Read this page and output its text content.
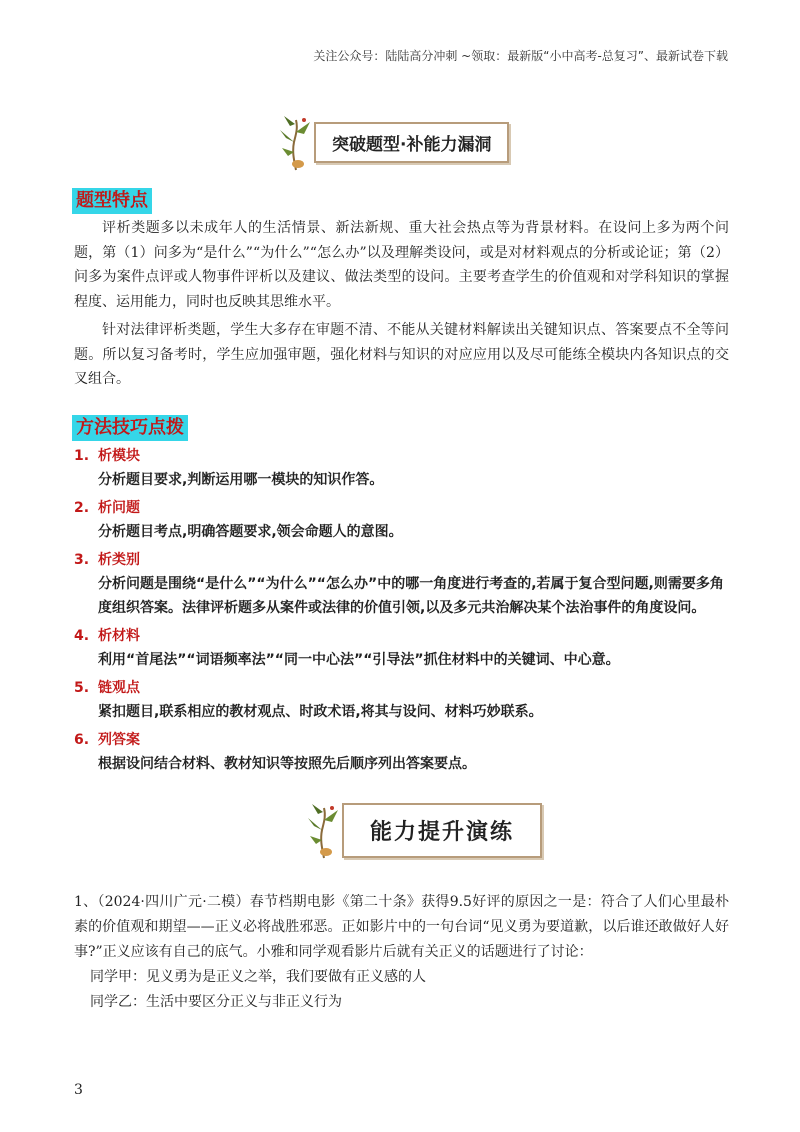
关注公众号：陆陆高分冲刺 ~领取：最新版“小中高考-总复习”、最新试卷下载
突破题型·补能力漏洞
题型特点
评析类题多以未成年人的生活情景、新法新规、重大社会热点等为背景材料。在设问上多为两个问题，第（1）问多为“是什么”“为什么”“怎么办”以及理解类设问，或是对材料观点的分析或论证；第（2）问多为案件点评或人物事件评析以及建议、做法类型的设问。主要考查学生的价值观和对学科知识的掌握程度、运用能力，同时也反映其思维水平。
针对法律评析类题，学生大多存在审题不清、不能从关键材料解读出关键知识点、答案要点不全等问题。所以复习备考时，学生应加强审题，强化材料与知识的对应应用以及尽可能练全模块内各知识点的交叉组合。
方法技巧点拨
1. 析模块
分析题目要求,判断运用哪一模块的知识作答。
2. 析问题
分析题目考点,明确答题要求,领会命题人的意图。
3. 析类别
分析问题是围绕“是什么”“为什么”“怎么办”中的哪一角度进行考查的,若属于复合型问题,则需要多角度组织答案。法律评析题多从案件或法律的价值引领,以及多元共治解决某个法治事件的角度设问。
4. 析材料
利用“首尾法”“词语频率法”“同一中心法”“引导法”抓住材料中的关键词、中心意。
5. 链观点
紧扣题目,联系相应的教材观点、时政术语,将其与设问、材料巧妙联系。
6. 列答案
根据设问结合材料、教材知识等按照先后顺序列出答案要点。
能力提升演练
1、（2024·四川广元·二模）春节档期电影《第二十条》获得9.5好评的原因之一是：符合了人们心里最朴素的价值观和期望——正义必将战胜邪恶。正如影片中的一句台词“见义勇为要道歉，以后谁还敢做好人好事?”正义应该有自己的底气。小雅和同学观看影片后就有关正义的话题进行了讨论：
同学甲：见义勇为是正义之举，我们要做有正义感的人
同学乙：生活中要区分正义与非正义行为
3
